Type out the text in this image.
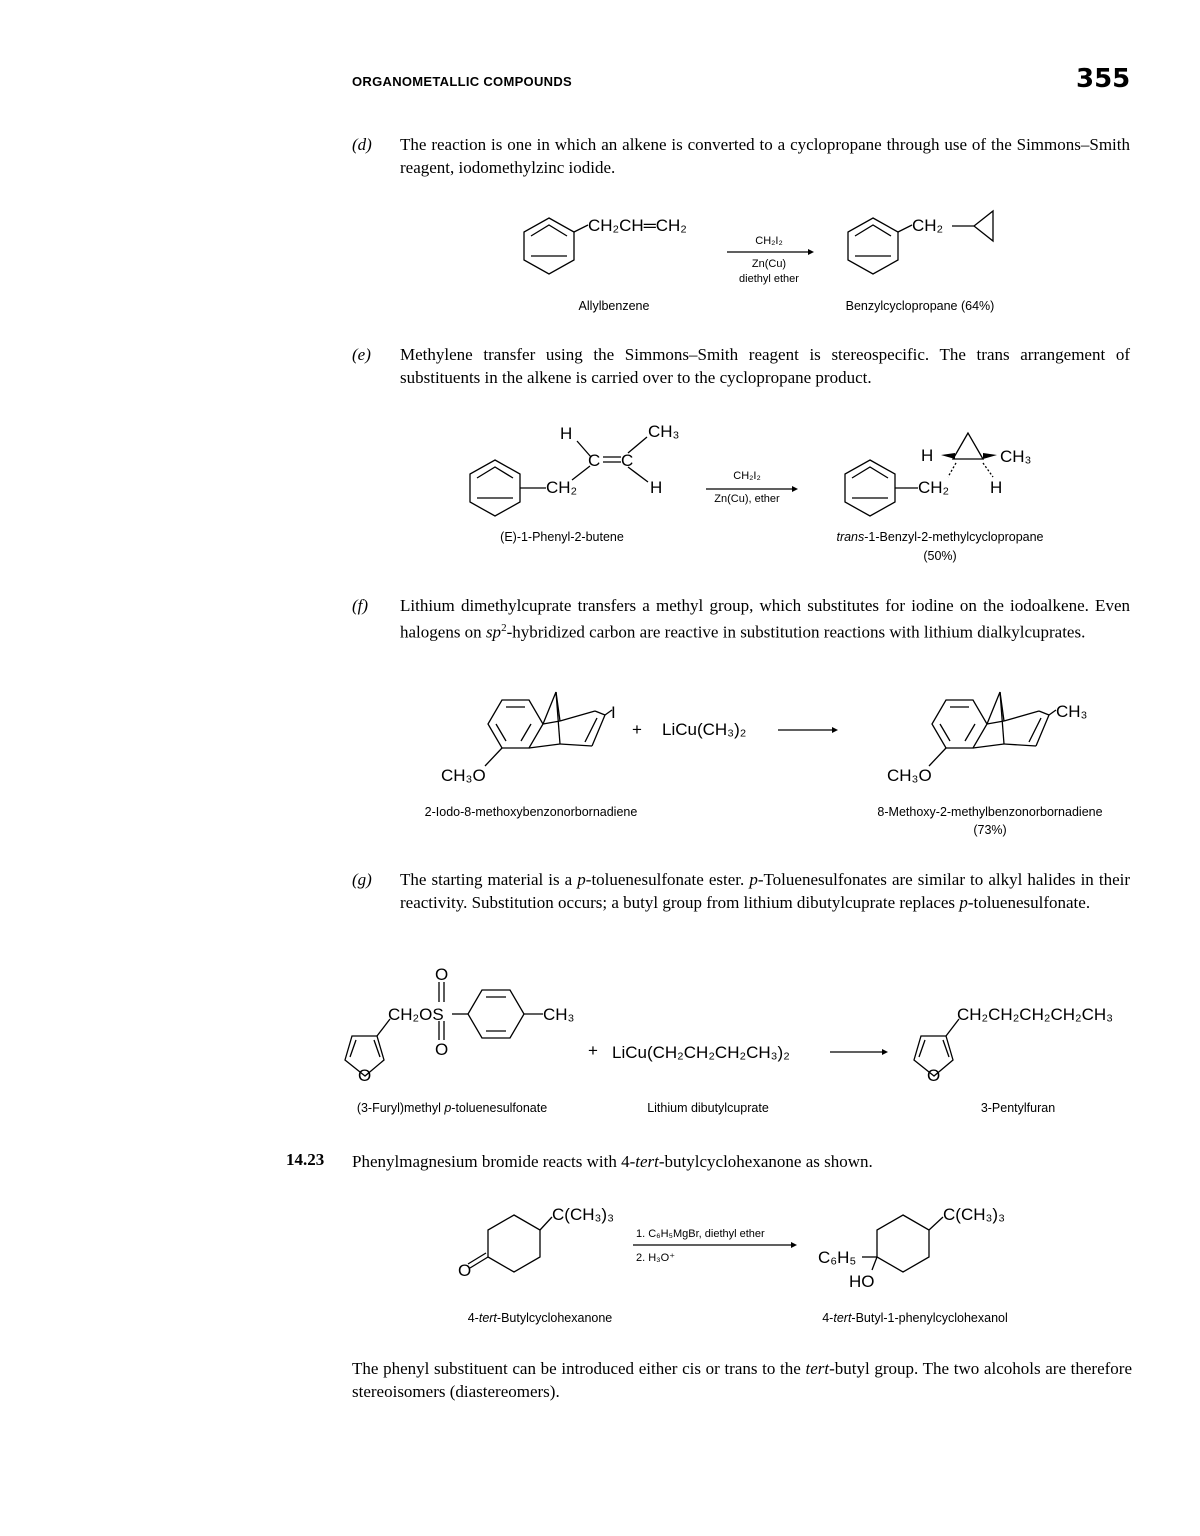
ORGANOMETALLIC COMPOUNDS	355
(d) The reaction is one in which an alkene is converted to a cyclopropane through use of the Simmons–Smith reagent, iodomethylzinc iodide.
CH₂CH═CH₂
CH₂I₂
Zn(Cu)
diethyl ether
CH₂
Allylbenzene	Benzylcyclopropane (64%)
(e) Methylene transfer using the Simmons–Smith reagent is stereospecific. The trans arrangement of substituents in the alkene is carried over to the cyclopropane product.
H	CH₃
C C
CH₂	H
CH₂I₂
Zn(Cu), ether
H	CH₃
CH₂ H
(E)-1-Phenyl-2-butene	trans-1-Benzyl-2-methylcyclopropane
(50%)
(f) Lithium dimethylcuprate transfers a methyl group, which substitutes for iodine on the iodoalkene. Even halogens on $sp^2$-hybridized carbon are reactive in substitution reactions with lithium dialkylcuprates.
I
CH₃O
+ LiCu(CH₃)₂
CH₃
CH₃O
2-Iodo-8-methoxybenzonorbornadiene	8-Methoxy-2-methylbenzonorbornadiene
(73%)
(g) The starting material is a p-toluenesulfonate ester. p-Toluenesulfonates are similar to alkyl halides in their reactivity. Substitution occurs; a butyl group from lithium dibutylcuprate replaces p-toluenesulfonate.
O
CH₂OS
O
O
CH₃
+ LiCu(CH₂CH₂CH₂CH₃)₂
O
CH₂CH₂CH₂CH₂CH₃
(3-Furyl)methyl p-toluenesulfonate	Lithium dibutylcuprate	3-Pentylfuran
14.23 Phenylmagnesium bromide reacts with 4-tert-butylcyclohexanone as shown.
O
C(CH₃)₃
1. C₆H₅MgBr, diethyl ether
2. H₃O⁺
C(CH₃)₃
C₆H₅
HO
4-tert-Butylcyclohexanone	4-tert-Butyl-1-phenylcyclohexanol
The phenyl substituent can be introduced either cis or trans to the tert-butyl group. The two alcohols are therefore stereoisomers (diastereomers).
